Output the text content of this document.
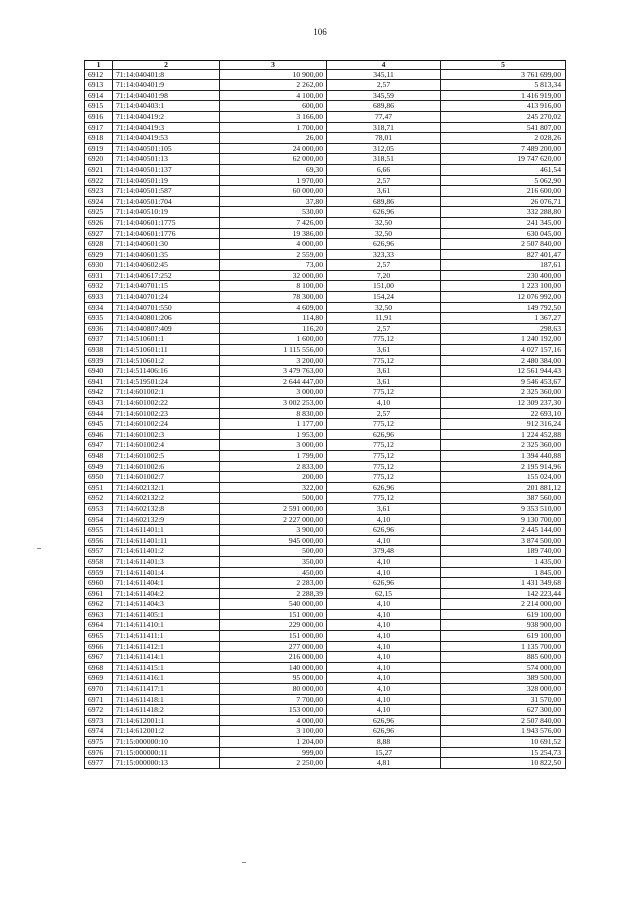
106
1	2	3	4	5
6912	71:14:040401:8	10 900,00	345,11	3 761 699,00
6913	71:14:040401:9	2 262,00	2,57	5 813,34
6914	71:14:040401:98	4 100,00	345,59	1 416 919,00
6915	71:14:040403:1	600,00	689,86	413 916,00
6916	71:14:040419:2	3 166,00	77,47	245 270,02
6917	71:14:040419:3	1 700,00	318,71	541 807,00
6918	71:14:040419:53	26,00	78,01	2 028,26
6919	71:14:040501:105	24 000,00	312,05	7 489 200,00
6920	71:14:040501:13	62 000,00	318,51	19 747 620,00
6921	71:14:040501:137	69,30	6,66	461,54
6922	71:14:040501:19	1 970,00	2,57	5 062,90
6923	71:14:040501:587	60 000,00	3,61	216 600,00
6924	71:14:040501:704	37,80	689,86	26 076,71
6925	71:14:040510:19	530,00	626,96	332 288,80
6926	71:14:040601:1775	7 426,00	32,50	241 345,00
6927	71:14:040601:1776	19 386,00	32,50	630 045,00
6928	71:14:040601:30	4 000,00	626,96	2 507 840,00
6929	71:14:040601:35	2 559,00	323,33	827 401,47
6930	71:14:040602:45	73,00	2,57	187,61
6931	71:14:040617:252	32 000,00	7,20	230 400,00
6932	71:14:040701:15	8 100,00	151,00	1 223 100,00
6933	71:14:040701:24	78 300,00	154,24	12 076 992,00
6934	71:14:040701:550	4 609,00	32,50	149 792,50
6935	71:14:040801:206	114,80	11,91	1 367,27
6936	71:14:040807:409	116,20	2,57	298,63
6937	71:14:510601:1	1 600,00	775,12	1 240 192,00
6938	71:14:510601:11	1 115 556,00	3,61	4 027 157,16
6939	71:14:510601:2	3 200,00	775,12	2 480 384,00
6940	71:14:511406:16	3 479 763,00	3,61	12 561 944,43
6941	71:14:519501:24	2 644 447,00	3,61	9 546 453,67
6942	71:14:601002:1	3 000,00	775,12	2 325 360,00
6943	71:14:601002:22	3 002 253,00	4,10	12 309 237,30
6944	71:14:601002:23	8 830,00	2,57	22 693,10
6945	71:14:601002:24	1 177,00	775,12	912 316,24
6946	71:14:601002:3	1 953,00	626,96	1 224 452,88
6947	71:14:601002:4	3 000,00	775,12	2 325 360,00
6948	71:14:601002:5	1 799,00	775,12	1 394 440,88
6949	71:14:601002:6	2 833,00	775,12	2 195 914,96
6950	71:14:601002:7	200,00	775,12	155 024,00
6951	71:14:602132:1	322,00	626,96	201 881,12
6952	71:14:602132:2	500,00	775,12	387 560,00
6953	71:14:602132:8	2 591 000,00	3,61	9 353 510,00
6954	71:14:602132:9	2 227 000,00	4,10	9 130 700,00
6955	71:14:611401:1	3 900,00	626,96	2 445 144,00
6956	71:14:611401:11	945 000,00	4,10	3 874 500,00
6957	71:14:611401:2	500,00	379,48	189 740,00
6958	71:14:611401:3	350,00	4,10	1 435,00
6959	71:14:611401:4	450,00	4,10	1 845,00
6960	71:14:611404:1	2 283,00	626,96	1 431 349,68
6961	71:14:611404:2	2 288,39	62,15	142 223,44
6962	71:14:611404:3	540 000,00	4,10	2 214 000,00
6963	71:14:611405:1	151 000,00	4,10	619 100,00
6964	71:14:611410:1	229 000,00	4,10	938 900,00
6965	71:14:611411:1	151 000,00	4,10	619 100,00
6966	71:14:611412:1	277 000,00	4,10	1 135 700,00
6967	71:14:611414:1	216 000,00	4,10	885 600,00
6968	71:14:611415:1	140 000,00	4,10	574 000,00
6969	71:14:611416:1	95 000,00	4,10	389 500,00
6970	71:14:611417:1	80 000,00	4,10	328 000,00
6971	71:14:611418:1	7 700,00	4,10	31 570,00
6972	71:14:611418:2	153 000,00	4,10	627 300,00
6973	71:14:612001:1	4 000,00	626,96	2 507 840,00
6974	71:14:612001:2	3 100,00	626,96	1 943 576,00
6975	71:15:000000:10	1 204,00	8,88	10 691,52
6976	71:15:000000:11	999,00	15,27	15 254,73
6977	71:15:000000:13	2 250,00	4,81	10 822,50
